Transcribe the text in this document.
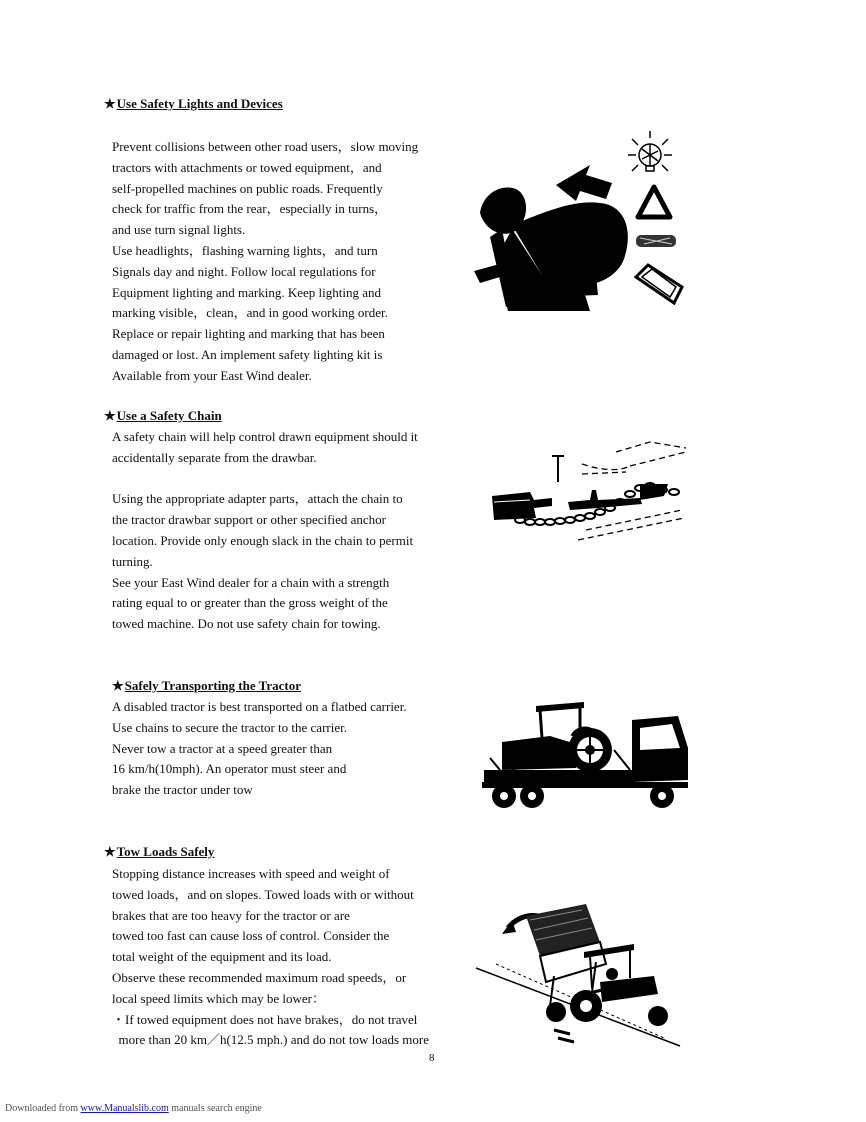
★Use Safety Lights and Devices
Prevent collisions between other road users，slow moving
tractors with attachments or towed equipment，and
self-propelled machines on public roads. Frequently
check for traffic from the rear，especially in turns，
and use turn signal lights.
Use headlights，flashing warning lights，and turn
Signals day and night. Follow local regulations for
Equipment lighting and marking. Keep lighting and
marking visible，clean，and in good working order.
Replace or repair lighting and marking that has been
damaged or lost. An implement safety lighting kit is
Available from your East Wind dealer.
★Use a Safety Chain
A safety chain will help control drawn equipment should it
accidentally separate from the drawbar.
Using the appropriate adapter parts，attach the chain to
the tractor drawbar support or other specified anchor
location. Provide only enough slack in the chain to permit
turning.
See your East Wind dealer for a chain with a strength
rating equal to or greater than the gross weight of the
towed machine. Do not use safety chain for towing.
★Safely Transporting the Tractor
A disabled tractor is best transported on a flatbed carrier.
Use chains to secure the tractor to the carrier.
Never tow a tractor at a speed greater than
16 km/h(10mph). An operator must steer and
brake the tractor under tow
★Tow Loads Safely
Stopping distance increases with speed and weight of
towed loads，and on slopes. Towed loads with or without
brakes that are too heavy for the tractor or are
towed too fast can cause loss of control. Consider the
total weight of the equipment and its load.
Observe these recommended maximum road speeds，or
local speed limits which may be lower：
・If towed equipment does not have brakes，do not travel
more than 20 km／h(12.5 mph.) and do not tow loads more
8
Downloaded from www.Manualslib.com manuals search engine
